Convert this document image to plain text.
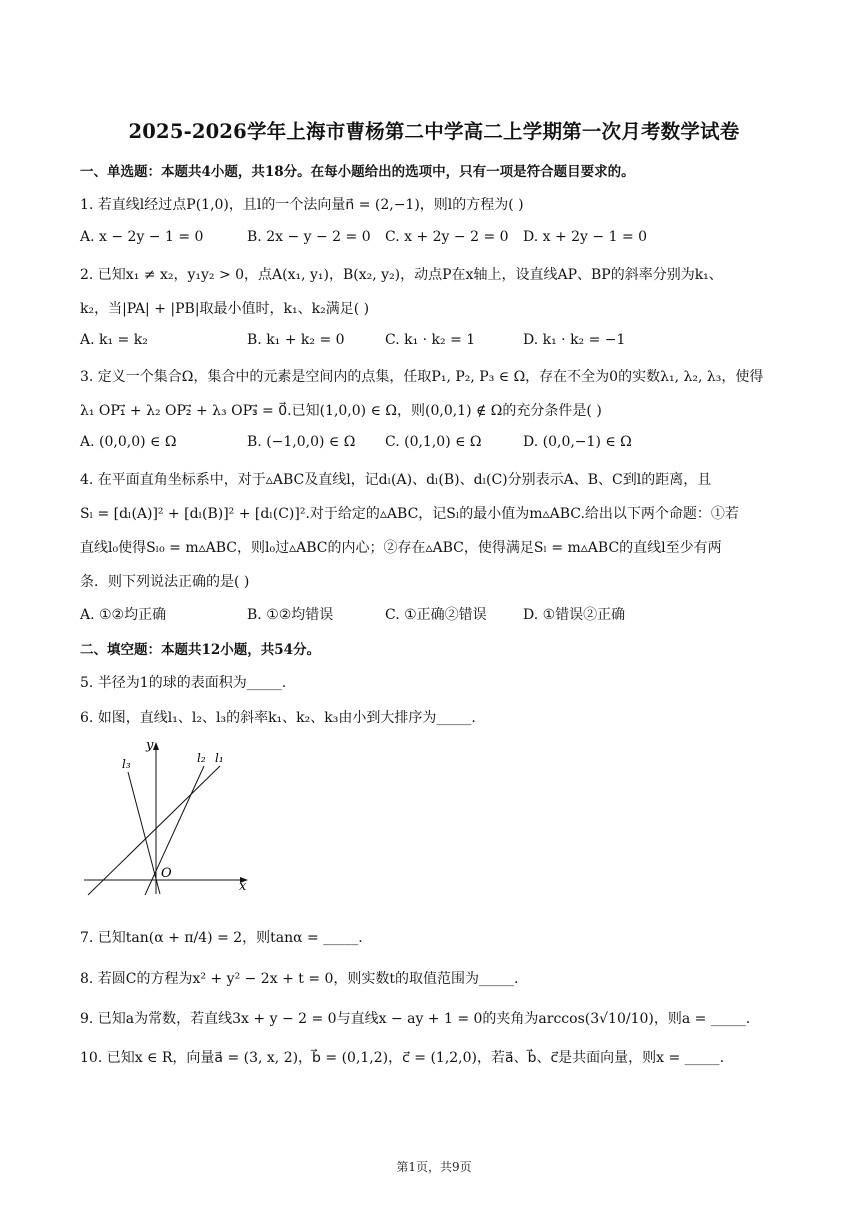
2025-2026学年上海市曹杨第二中学高二上学期第一次月考数学试卷
一、单选题：本题共4小题，共18分。在每小题给出的选项中，只有一项是符合题目要求的。
1. 若直线l经过点P(1,0)，且l的一个法向量n⃗ = (2,−1)，则l的方程为( )
A. x − 2y − 1 = 0	B. 2x − y − 2 = 0 C. x + 2y − 2 = 0 D. x + 2y − 1 = 0
2. 已知x₁ ≠ x₂，y₁y₂ > 0，点A(x₁, y₁)，B(x₂, y₂)，动点P在x轴上，设直线AP、BP的斜率分别为k₁、
k₂，当|PA| + |PB|取最小值时，k₁、k₂满足( )
A. k₁ = k₂	B. k₁ + k₂ = 0	C. k₁ · k₂ = 1	D. k₁ · k₂ = −1
3. 定义一个集合Ω，集合中的元素是空间内的点集，任取P₁, P₂, P₃ ∈ Ω，存在不全为0的实数λ₁, λ₂, λ₃，使得
λ₁ OP₁⃗ + λ₂ OP₂⃗ + λ₃ OP₃⃗ = 0⃗.已知(1,0,0) ∈ Ω，则(0,0,1) ∉ Ω的充分条件是( )
A. (0,0,0) ∈ Ω	B. (−1,0,0) ∈ Ω C. (0,1,0) ∈ Ω	D. (0,0,−1) ∈ Ω
4. 在平面直角坐标系中，对于▵ABC及直线l，记dₗ(A)、dₗ(B)、dₗ(C)分别表示A、B、C到l的距离，且
Sₗ = [dₗ(A)]² + [dₗ(B)]² + [dₗ(C)]².对于给定的▵ABC，记Sₗ的最小值为m▵ABC.给出以下两个命题：①若
直线l₀使得Sₗ₀ = m▵ABC，则l₀过▵ABC的内心；②存在▵ABC，使得满足Sₗ = m▵ABC的直线l至少有两
条．则下列说法正确的是( )
A. ①②均正确	B. ①②均错误	C. ①正确②错误	D. ①错误②正确
二、填空题：本题共12小题，共54分。
5. 半径为1的球的表面积为_____.
6. 如图，直线l₁、l₂、l₃的斜率k₁、k₂、k₃由小到大排序为_____.
y
x
O
l₁
l₂
l₃
7. 已知tan(α + π/4) = 2，则tanα = _____.
8. 若圆C的方程为x² + y² − 2x + t = 0，则实数t的取值范围为_____.
9. 已知a为常数，若直线3x + y − 2 = 0与直线x − ay + 1 = 0的夹角为arccos(3√10/10)，则a = _____.
10. 已知x ∈ R，向量a⃗ = (3, x, 2)，b⃗ = (0,1,2)，c⃗ = (1,2,0)，若a⃗、b⃗、c⃗是共面向量，则x = _____.
第1页，共9页
